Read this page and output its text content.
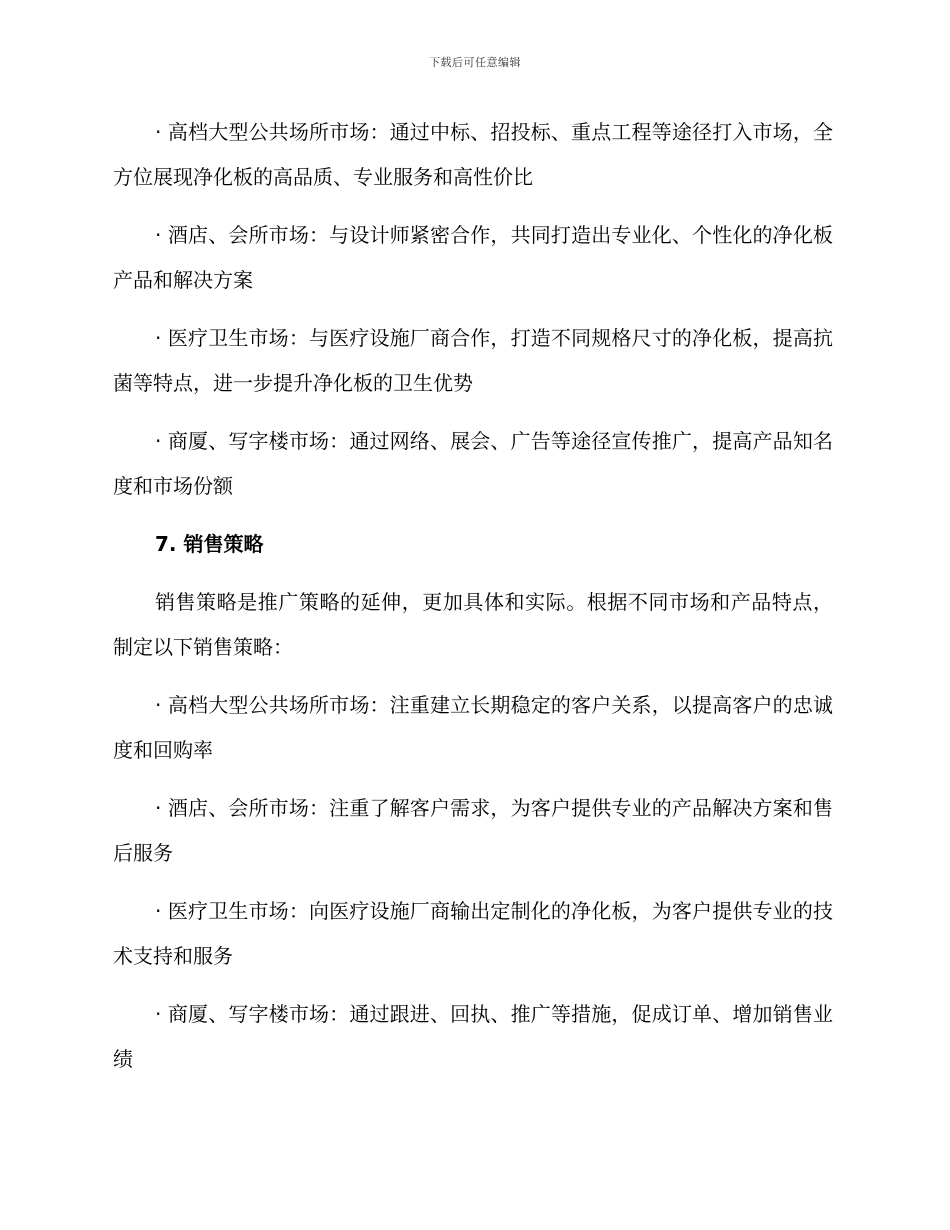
下载后可任意编辑

· 高档大型公共场所市场：通过中标、招投标、重点工程等途径打入市场，全方位展现净化板的高品质、专业服务和高性价比

· 酒店、会所市场：与设计师紧密合作，共同打造出专业化、个性化的净化板产品和解决方案

· 医疗卫生市场：与医疗设施厂商合作，打造不同规格尺寸的净化板，提高抗菌等特点，进一步提升净化板的卫生优势

· 商厦、写字楼市场：通过网络、展会、广告等途径宣传推广，提高产品知名度和市场份额

7. 销售策略

销售策略是推广策略的延伸，更加具体和实际。根据不同市场和产品特点，制定以下销售策略：

· 高档大型公共场所市场：注重建立长期稳定的客户关系，以提高客户的忠诚度和回购率

· 酒店、会所市场：注重了解客户需求，为客户提供专业的产品解决方案和售后服务

· 医疗卫生市场：向医疗设施厂商输出定制化的净化板，为客户提供专业的技术支持和服务

· 商厦、写字楼市场：通过跟进、回执、推广等措施，促成订单、增加销售业绩
